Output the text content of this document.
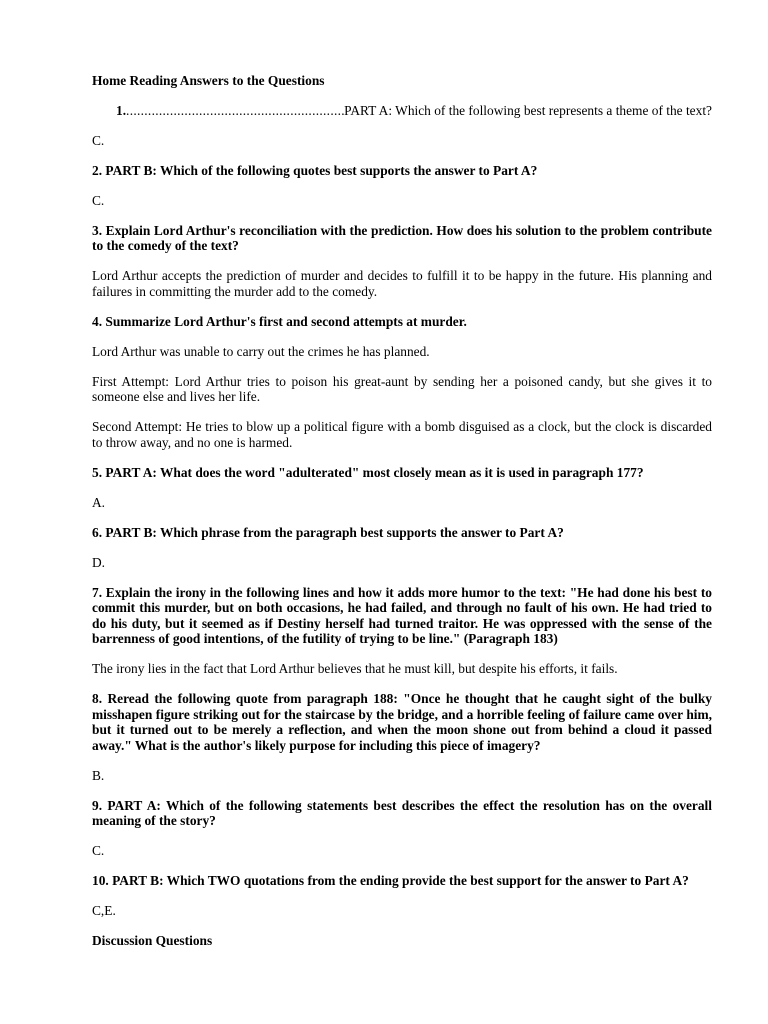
Home Reading Answers to the Questions

1.
.....	PART A: Which of the following best represents a theme of the text?

C.

2. PART B: Which of the following quotes best supports the answer to Part A?

C.

3. Explain Lord Arthur's reconciliation with the prediction. How does his solution to the problem contribute to the comedy of the text?

Lord Arthur accepts the prediction of murder and decides to fulfill it to be happy in the future. His planning and failures in committing the murder add to the comedy.

4. Summarize Lord Arthur's first and second attempts at murder.

Lord Arthur was unable to carry out the crimes he has planned.

First Attempt: Lord Arthur tries to poison his great-aunt by sending her a poisoned candy, but she gives it to someone else and lives her life.

Second Attempt: He tries to blow up a political figure with a bomb disguised as a clock, but the clock is discarded to throw away, and no one is harmed.

5. PART A: What does the word "adulterated" most closely mean as it is used in paragraph 177?

A.

6. PART B: Which phrase from the paragraph best supports the answer to Part A?

D.

7. Explain the irony in the following lines and how it adds more humor to the text: "He had done his best to commit this murder, but on both occasions, he had failed, and through no fault of his own. He had tried to do his duty, but it seemed as if Destiny herself had turned traitor. He was oppressed with the sense of the barrenness of good intentions, of the futility of trying to be line." (Paragraph 183)

The irony lies in the fact that Lord Arthur believes that he must kill, but despite his efforts, it fails.

8. Reread the following quote from paragraph 188: "Once he thought that he caught sight of the bulky misshapen figure striking out for the staircase by the bridge, and a horrible feeling of failure came over him, but it turned out to be merely a reflection, and when the moon shone out from behind a cloud it passed away." What is the author's likely purpose for including this piece of imagery?

B.

9. PART A: Which of the following statements best describes the effect the resolution has on the overall meaning of the story?

C.

10. PART B: Which TWO quotations from the ending provide the best support for the answer to Part A?

C,E.

Discussion Questions
